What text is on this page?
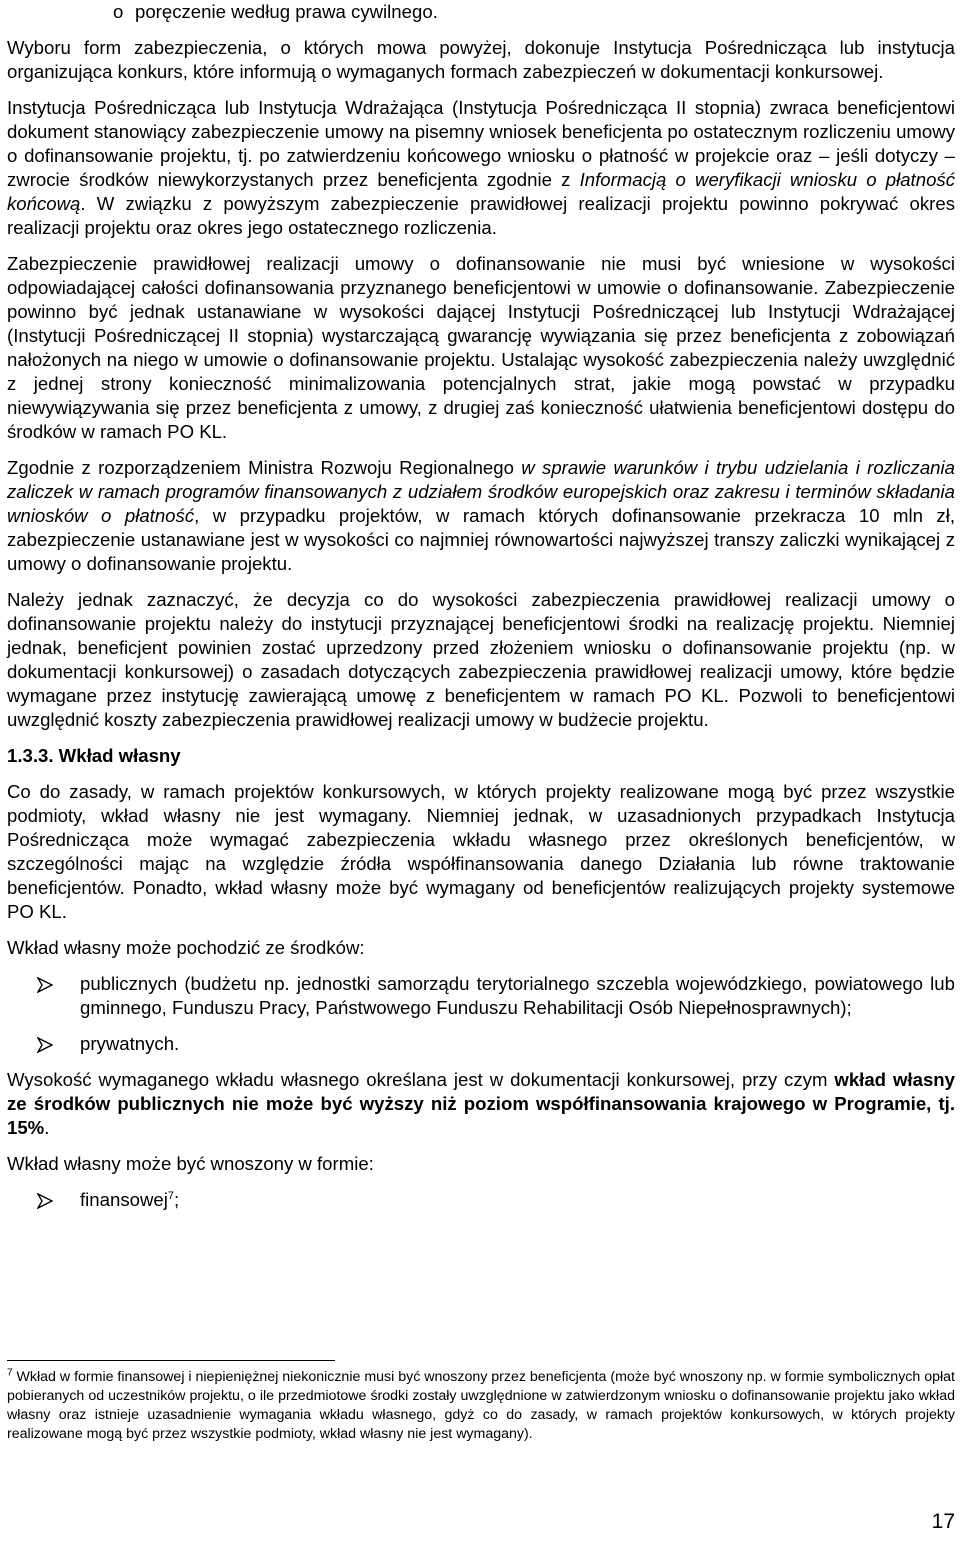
o poręczenie według prawa cywilnego.

Wyboru form zabezpieczenia, o których mowa powyżej, dokonuje Instytucja Pośrednicząca lub instytucja organizująca konkurs, które informują o wymaganych formach zabezpieczeń w dokumentacji konkursowej.

Instytucja Pośrednicząca lub Instytucja Wdrażająca (Instytucja Pośrednicząca II stopnia) zwraca beneficjentowi dokument stanowiący zabezpieczenie umowy na pisemny wniosek beneficjenta po ostatecznym rozliczeniu umowy o dofinansowanie projektu, tj. po zatwierdzeniu końcowego wniosku o płatność w projekcie oraz – jeśli dotyczy – zwrocie środków niewykorzystanych przez beneficjenta zgodnie z Informacją o weryfikacji wniosku o płatność końcową. W związku z powyższym zabezpieczenie prawidłowej realizacji projektu powinno pokrywać okres realizacji projektu oraz okres jego ostatecznego rozliczenia.

Zabezpieczenie prawidłowej realizacji umowy o dofinansowanie nie musi być wniesione w wysokości odpowiadającej całości dofinansowania przyznanego beneficjentowi w umowie o dofinansowanie. Zabezpieczenie powinno być jednak ustanawiane w wysokości dającej Instytucji Pośredniczącej lub Instytucji Wdrażającej (Instytucji Pośredniczącej II stopnia) wystarczającą gwarancję wywiązania się przez beneficjenta z zobowiązań nałożonych na niego w umowie o dofinansowanie projektu. Ustalając wysokość zabezpieczenia należy uwzględnić z jednej strony konieczność minimalizowania potencjalnych strat, jakie mogą powstać w przypadku niewywiązywania się przez beneficjenta z umowy, z drugiej zaś konieczność ułatwienia beneficjentowi dostępu do środków w ramach PO KL.

Zgodnie z rozporządzeniem Ministra Rozwoju Regionalnego w sprawie warunków i trybu udzielania i rozliczania zaliczek w ramach programów finansowanych z udziałem środków europejskich oraz zakresu i terminów składania wniosków o płatność, w przypadku projektów, w ramach których dofinansowanie przekracza 10 mln zł, zabezpieczenie ustanawiane jest w wysokości co najmniej równowartości najwyższej transzy zaliczki wynikającej z umowy o dofinansowanie projektu.

Należy jednak zaznaczyć, że decyzja co do wysokości zabezpieczenia prawidłowej realizacji umowy o dofinansowanie projektu należy do instytucji przyznającej beneficjentowi środki na realizację projektu. Niemniej jednak, beneficjent powinien zostać uprzedzony przed złożeniem wniosku o dofinansowanie projektu (np. w dokumentacji konkursowej) o zasadach dotyczących zabezpieczenia prawidłowej realizacji umowy, które będzie wymagane przez instytucję zawierającą umowę z beneficjentem w ramach PO KL. Pozwoli to beneficjentowi uwzględnić koszty zabezpieczenia prawidłowej realizacji umowy w budżecie projektu.

1.3.3. Wkład własny

Co do zasady, w ramach projektów konkursowych, w których projekty realizowane mogą być przez wszystkie podmioty, wkład własny nie jest wymagany. Niemniej jednak, w uzasadnionych przypadkach Instytucja Pośrednicząca może wymagać zabezpieczenia wkładu własnego przez określonych beneficjentów, w szczególności mając na względzie źródła współfinansowania danego Działania lub równe traktowanie beneficjentów. Ponadto, wkład własny może być wymagany od beneficjentów realizujących projekty systemowe PO KL.

Wkład własny może pochodzić ze środków:

publicznych (budżetu np. jednostki samorządu terytorialnego szczebla wojewódzkiego, powiatowego lub gminnego, Funduszu Pracy, Państwowego Funduszu Rehabilitacji Osób Niepełnosprawnych);

prywatnych.

Wysokość wymaganego wkładu własnego określana jest w dokumentacji konkursowej, przy czym wkład własny ze środków publicznych nie może być wyższy niż poziom współfinansowania krajowego w Programie, tj. 15%.

Wkład własny może być wnoszony w formie:

finansowej$^7$;

$^7$ Wkład w formie finansowej i niepieniężnej niekonicznie musi być wnoszony przez beneficjenta (może być wnoszony np. w formie symbolicznych opłat pobieranych od uczestników projektu, o ile przedmiotowe środki zostały uwzględnione w zatwierdzonym wniosku o dofinansowanie projektu jako wkład własny oraz istnieje uzasadnienie wymagania wkładu własnego, gdyż co do zasady, w ramach projektów konkursowych, w których projekty realizowane mogą być przez wszystkie podmioty, wkład własny nie jest wymagany).
17
